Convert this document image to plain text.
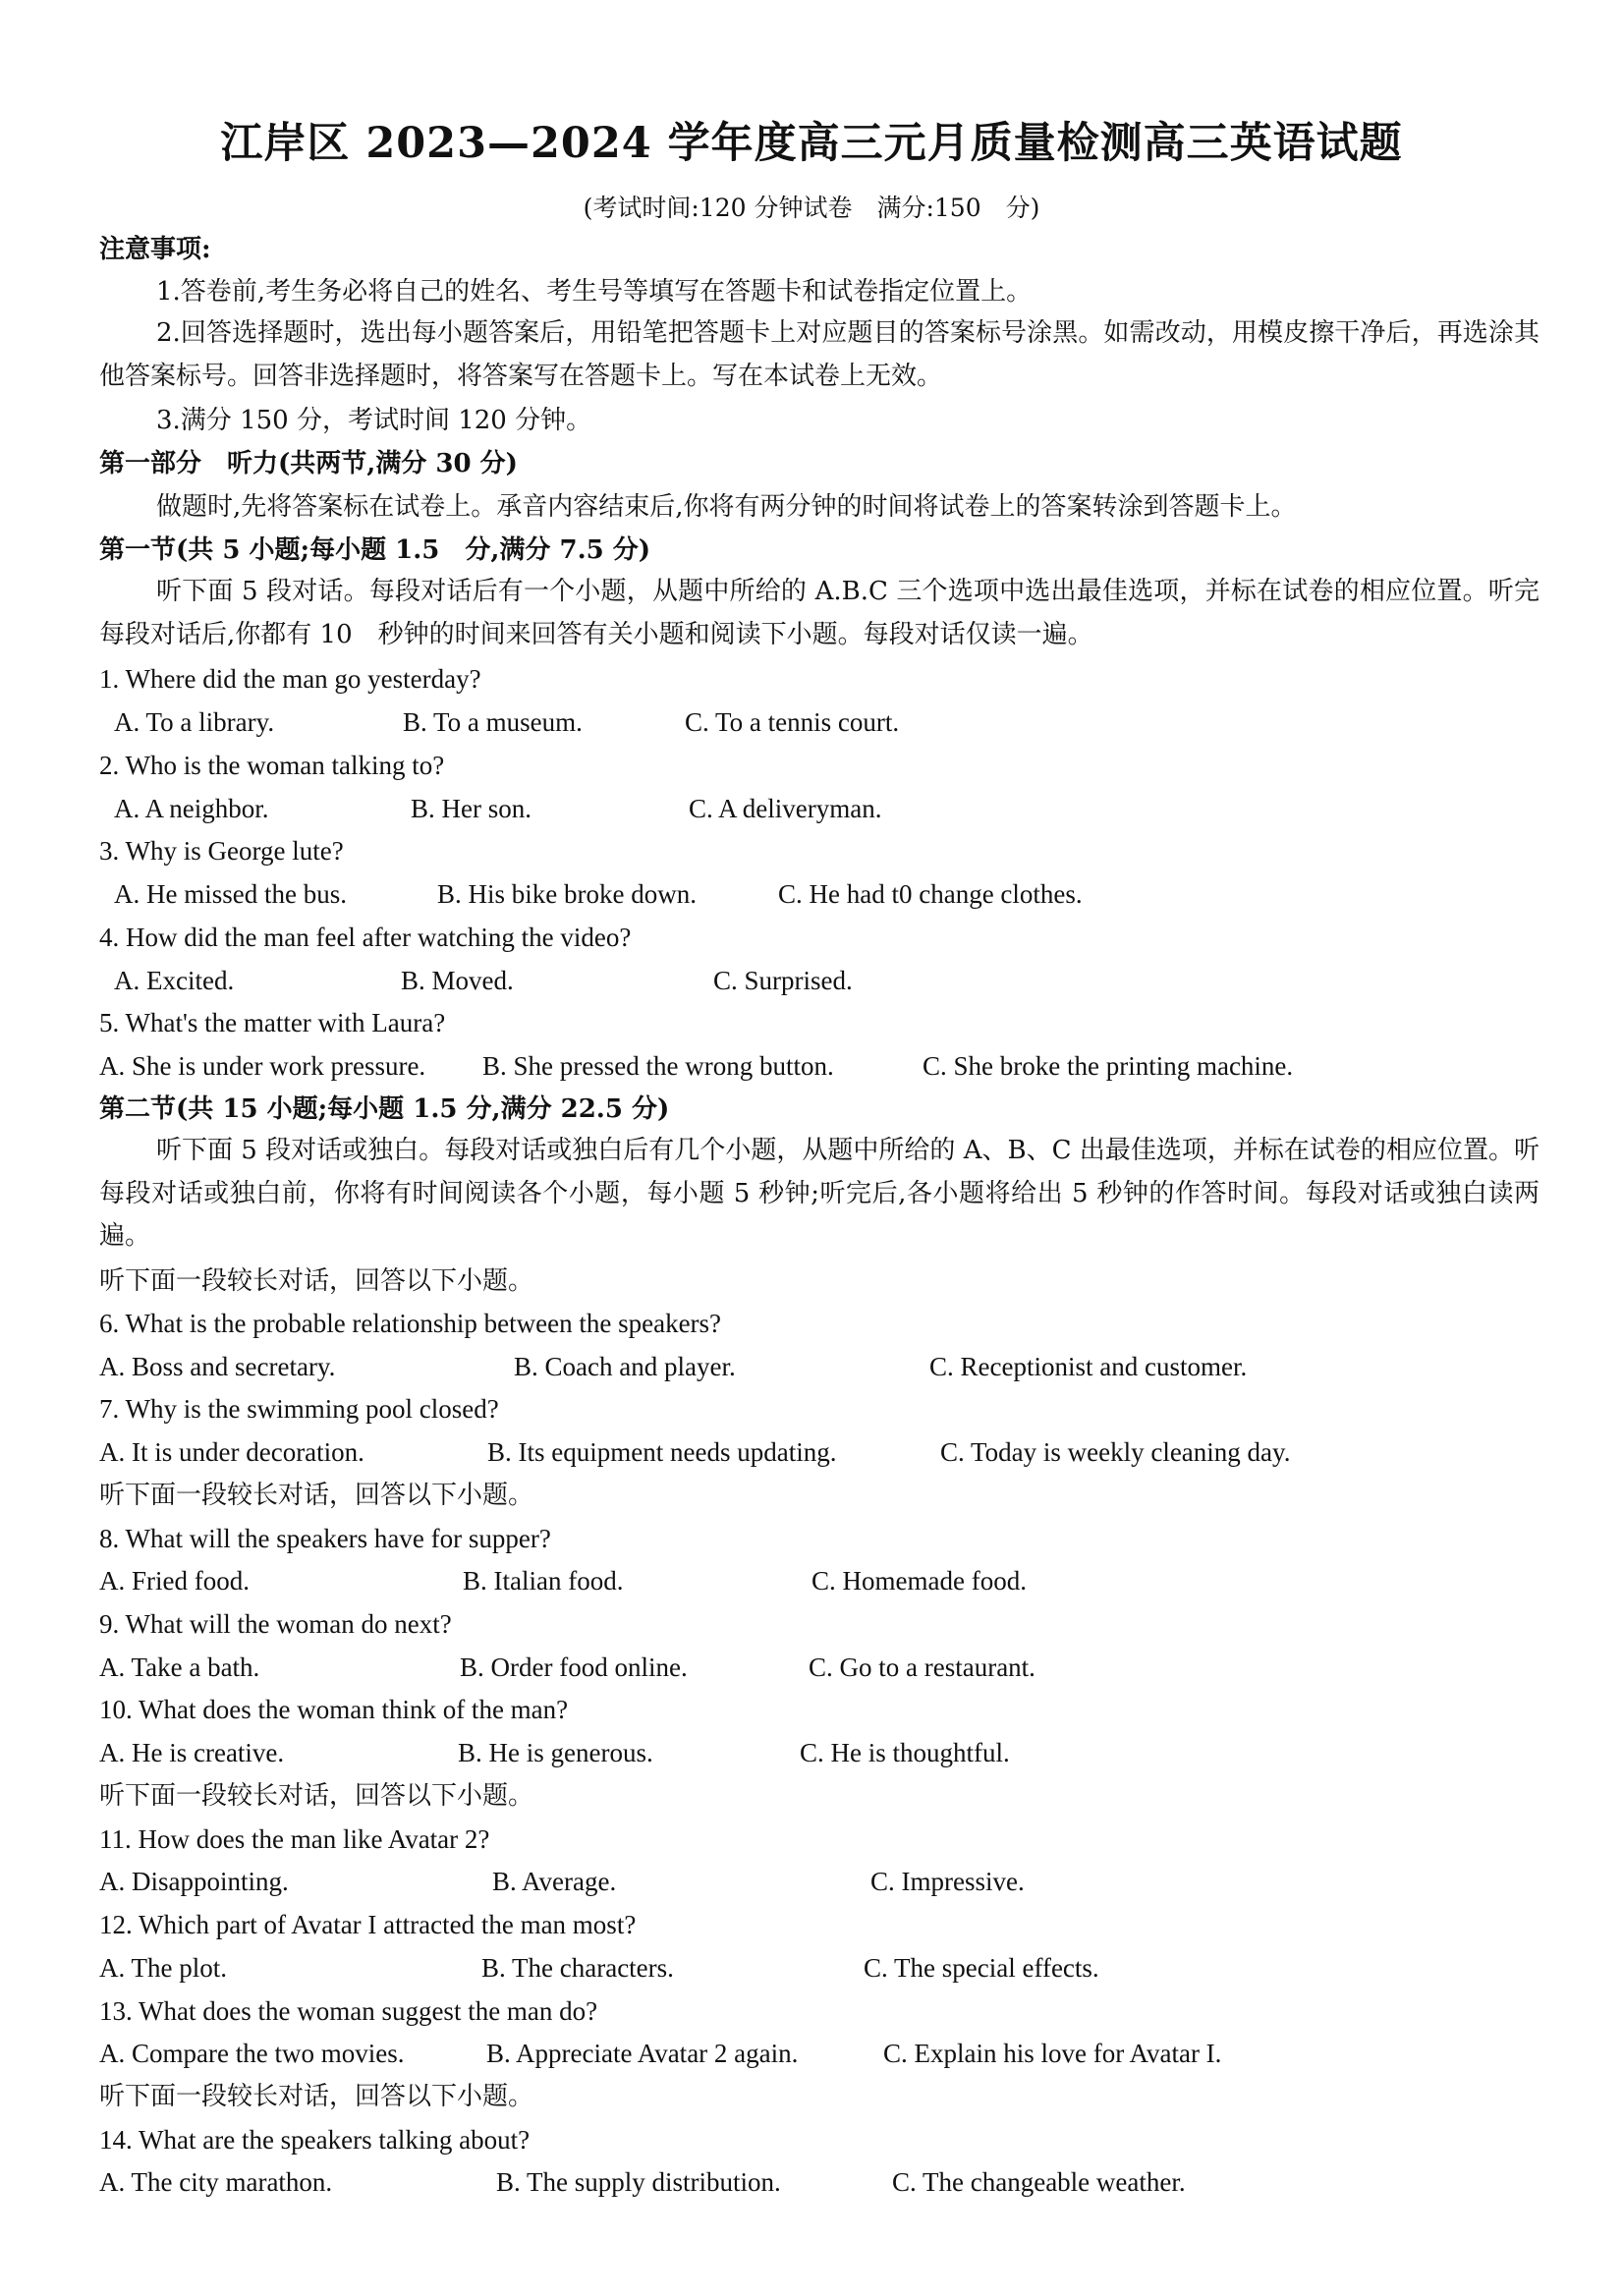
江岸区 2023—2024 学年度高三元月质量检测高三英语试题
(考试时间:120 分钟试卷　满分:150　分)
注意事项:
1.答卷前,考生务必将自己的姓名、考生号等填写在答题卡和试卷指定位置上。
2.回答选择题时，选出每小题答案后，用铅笔把答题卡上对应题目的答案标号涂黑。如需改动，用模皮擦干净后，再选涂其他答案标号。回答非选择题时，将答案写在答题卡上。写在本试卷上无效。
3.满分 150 分，考试时间 120 分钟。
第一部分　听力(共两节,满分 30 分)
做题时,先将答案标在试卷上。承音内容结束后,你将有两分钟的时间将试卷上的答案转涂到答题卡上。
第一节(共 5 小题;每小题 1.5　分,满分 7.5 分)
听下面 5 段对话。每段对话后有一个小题，从题中所给的 A.B.C 三个选项中选出最佳选项，并标在试卷的相应位置。听完每段对话后,你都有 10　秒钟的时间来回答有关小题和阅读下小题。每段对话仅读一遍。
1. Where did the man go yesterday?
A. To a library.	B. To a museum.	C. To a tennis court.
2. Who is the woman talking to?
A. A neighbor.	B. Her son.	C. A deliveryman.
3. Why is George lute?
A. He missed the bus.	B. His bike broke down.	C. He had t0 change clothes.
4. How did the man feel after watching the video?
A. Excited.	B. Moved.	C. Surprised.
5. What's the matter with Laura?
A. She is under work pressure. B. She pressed the wrong button.	C. She broke the printing machine.
第二节(共 15 小题;每小题 1.5 分,满分 22.5 分)
听下面 5 段对话或独白。每段对话或独白后有几个小题，从题中所给的 A、B、C 出最佳选项，并标在试卷的相应位置。听每段对话或独白前，你将有时间阅读各个小题，每小题 5 秒钟;听完后,各小题将给出 5 秒钟的作答时间。每段对话或独白读两遍。
听下面一段较长对话，回答以下小题。
6. What is the probable relationship between the speakers?
A. Boss and secretary.	B. Coach and player.	C. Receptionist and customer.
7. Why is the swimming pool closed?
A. It is under decoration.	B. Its equipment needs updating.	C. Today is weekly cleaning day.
听下面一段较长对话，回答以下小题。
8. What will the speakers have for supper?
A. Fried food.	B. Italian food.	C. Homemade food.
9. What will the woman do next?
A. Take a bath.	B. Order food online.	C. Go to a restaurant.
10. What does the woman think of the man?
A. He is creative.	B. He is generous.	C. He is thoughtful.
听下面一段较长对话，回答以下小题。
11. How does the man like Avatar 2?
A. Disappointing.	B. Average.	C. Impressive.
12. Which part of Avatar I attracted the man most?
A. The plot.	B. The characters.	C. The special effects.
13. What does the woman suggest the man do?
A. Compare the two movies.	B. Appreciate Avatar 2 again.	C. Explain his love for Avatar I.
听下面一段较长对话，回答以下小题。
14. What are the speakers talking about?
A. The city marathon.	B. The supply distribution.	C. The changeable weather.
